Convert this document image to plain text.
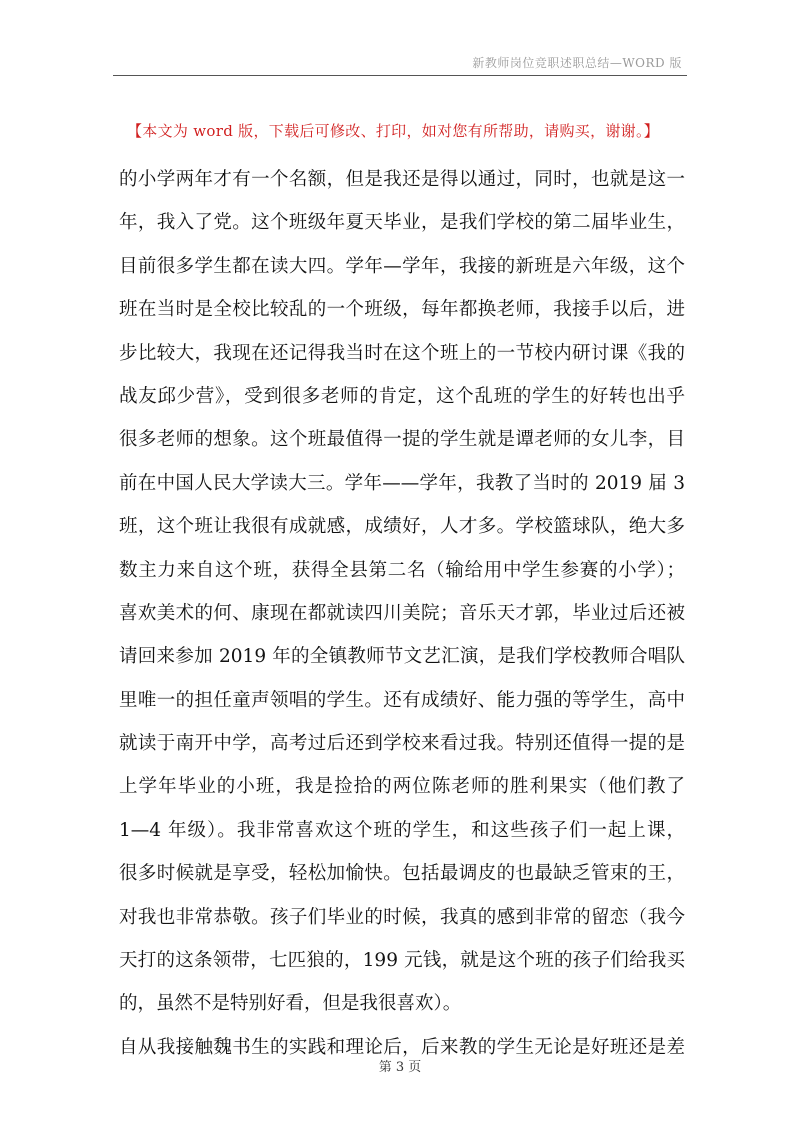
新教师岗位竞职述职总结—WORD 版
【本文为 word 版，下载后可修改、打印，如对您有所帮助，请购买，谢谢。】
的小学两年才有一个名额，但是我还是得以通过，同时，也就是这一
年，我入了党。这个班级年夏天毕业，是我们学校的第二届毕业生，
目前很多学生都在读大四。学年—学年，我接的新班是六年级，这个
班在当时是全校比较乱的一个班级，每年都换老师，我接手以后，进
步比较大，我现在还记得我当时在这个班上的一节校内研讨课《我的
战友邱少营》，受到很多老师的肯定，这个乱班的学生的好转也出乎
很多老师的想象。这个班最值得一提的学生就是谭老师的女儿李，目
前在中国人民大学读大三。学年——学年，我教了当时的 2019 届 3
班，这个班让我很有成就感，成绩好，人才多。学校篮球队，绝大多
数主力来自这个班，获得全县第二名（输给用中学生参赛的小学）；
喜欢美术的何、康现在都就读四川美院；音乐天才郭，毕业过后还被
请回来参加 2019 年的全镇教师节文艺汇演，是我们学校教师合唱队
里唯一的担任童声领唱的学生。还有成绩好、能力强的等学生，高中
就读于南开中学，高考过后还到学校来看过我。特别还值得一提的是
上学年毕业的小班，我是捡拾的两位陈老师的胜利果实（他们教了
1—4 年级）。我非常喜欢这个班的学生，和这些孩子们一起上课，
很多时候就是享受，轻松加愉快。包括最调皮的也最缺乏管束的王，
对我也非常恭敬。孩子们毕业的时候，我真的感到非常的留恋（我今
天打的这条领带，七匹狼的，199 元钱，就是这个班的孩子们给我买
的，虽然不是特别好看，但是我很喜欢）。
自从我接触魏书生的实践和理论后，后来教的学生无论是好班还是差
第 3 页
